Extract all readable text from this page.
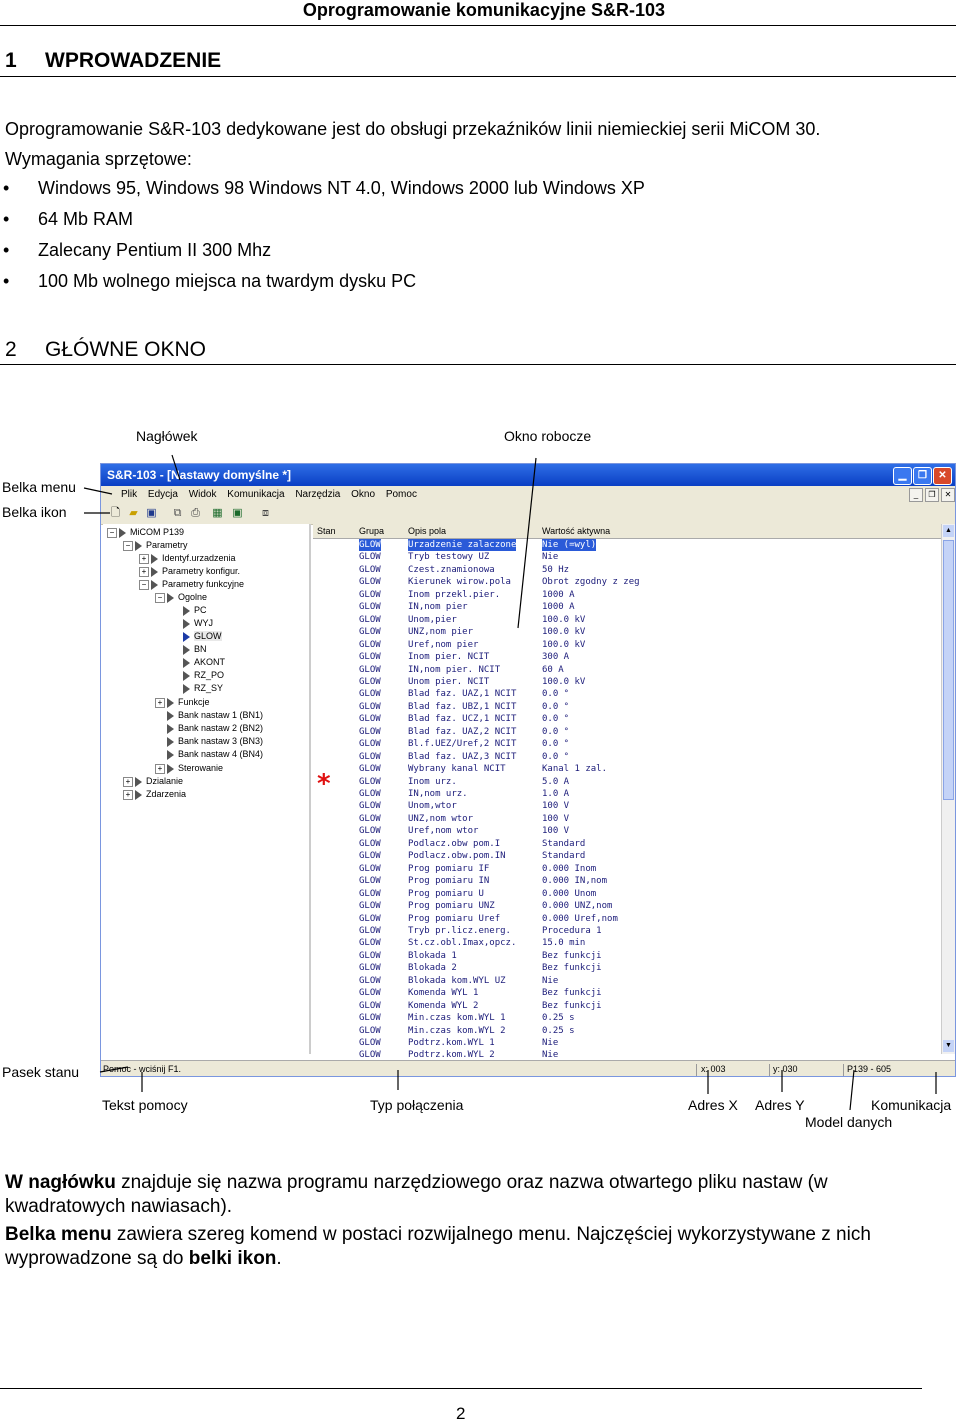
Oprogramowanie komunikacyjne S&R-103
1 WPROWADZENIE
Oprogramowanie S&R-103 dedykowane jest do obsługi przekaźników linii niemieckiej serii MiCOM 30.
Wymagania sprzętowe:
• Windows 95, Windows 98 Windows NT 4.0, Windows 2000 lub Windows XP
• 64 Mb RAM
• Zalecany Pentium II 300 Mhz
• 100 Mb wolnego miejsca na twardym dysku PC
2 GŁÓWNE OKNO
Nagłówek	Okno robocze
Belka menu
Belka ikon
Pasek stanu
Tekst pomocy	Typ połączenia	Adres X Adres Y	Komunikacja
Model danych
S&R-103 - [Nastawy domyślne *]	▁	❐	✕
Plik Edycja Widok Komunikacja Narzędzia Okno Pomoc	_	❐	✕
🗋 ▰ ▣ ⧉ ⎙ ▦ ▣ ⧈
− MiCOM P139
− Parametry
+ Identyf.urzadzenia
+ Parametry konfigur.
− Parametry funkcyjne
− Ogolne
PC
WYJ
GLOW
BN
AKONT
RZ_PO
RZ_SY
+ Funkcje
Bank nastaw 1 (BN1)
Bank nastaw 2 (BN2)
Bank nastaw 3 (BN3)
Bank nastaw 4 (BN4)
+ Sterowanie
+ Dzialanie
+ Zdarzenia
Stan	Grupa	Opis pola	Wartość aktywna
GLOW	Urzadzenie zalaczone	Nie (=wyl)
GLOW	Tryb testowy UZ	Nie
GLOW	Czest.znamionowa	50 Hz
GLOW	Kierunek wirow.pola	Obrot zgodny z zeg
GLOW	Inom przekl.pier.	1000 A
GLOW	IN,nom pier	1000 A
GLOW	Unom,pier	100.0 kV
GLOW	UNZ,nom pier	100.0 kV
GLOW	Uref,nom pier	100.0 kV
GLOW	Inom pier. NCIT	300 A
GLOW	IN,nom pier. NCIT	60 A
GLOW	Unom pier. NCIT	100.0 kV
GLOW	Blad faz. UAZ,1 NCIT	0.0 °
GLOW	Blad faz. UBZ,1 NCIT	0.0 °
GLOW	Blad faz. UCZ,1 NCIT	0.0 °
GLOW	Blad faz. UAZ,2 NCIT	0.0 °
GLOW	Bl.f.UEZ/Uref,2 NCIT	0.0 °
GLOW	Blad faz. UAZ,3 NCIT	0.0 °
GLOW	Wybrany kanal NCIT	Kanal 1 zal.
GLOW	Inom urz.	5.0 A
GLOW	IN,nom urz.	1.0 A
GLOW	Unom,wtor	100 V
GLOW	UNZ,nom wtor	100 V
GLOW	Uref,nom wtor	100 V
GLOW	Podlacz.obw pom.I	Standard
GLOW	Podlacz.obw.pom.IN	Standard
GLOW	Prog pomiaru IF	0.000 Inom
GLOW	Prog pomiaru IN	0.000 IN,nom
GLOW	Prog pomiaru U	0.000 Unom
GLOW	Prog pomiaru UNZ	0.000 UNZ,nom
GLOW	Prog pomiaru Uref	0.000 Uref,nom
GLOW	Tryb pr.licz.energ.	Procedura 1
GLOW	St.cz.obl.Imax,opcz.	15.0 min
GLOW	Blokada 1	Bez funkcji
GLOW	Blokada 2	Bez funkcji
GLOW	Blokada kom.WYL UZ	Nie
GLOW	Komenda WYL 1	Bez funkcji
GLOW	Komenda WYL 2	Bez funkcji
GLOW	Min.czas kom.WYL 1	0.25 s
GLOW	Min.czas kom.WYL 2	0.25 s
GLOW	Podtrz.kom.WYL 1	Nie
GLOW	Podtrz.kom.WYL 2	Nie
*
▲
▼
Pomoc - wciśnij F1.	x: 003	y: 030	P139 - 605
W nagłówku znajduje się nazwa programu narzędziowego oraz nazwa otwartego pliku nastaw (w kwadratowych nawiasach).
Belka menu zawiera szereg komend w postaci rozwijalnego menu. Najczęściej wykorzystywane z nich wyprowadzone są do belki ikon.
2
